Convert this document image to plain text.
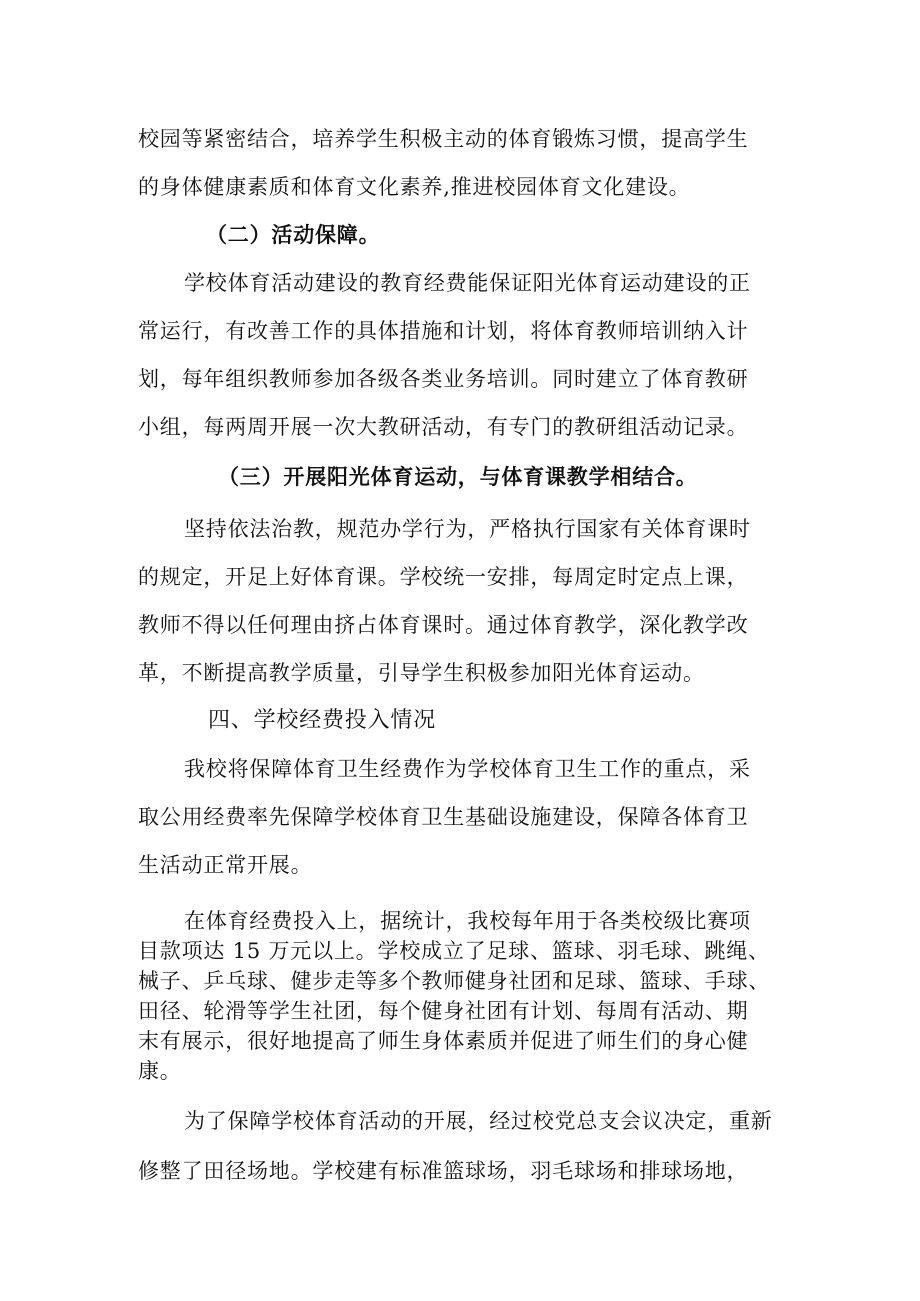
校园等紧密结合，培养学生积极主动的体育锻炼习惯，提高学生
的身体健康素质和体育文化素养,推进校园体育文化建设。
（二）活动保障。
学校体育活动建设的教育经费能保证阳光体育运动建设的正
常运行，有改善工作的具体措施和计划，将体育教师培训纳入计
划，每年组织教师参加各级各类业务培训。同时建立了体育教研
小组，每两周开展一次大教研活动，有专门的教研组活动记录。
（三）开展阳光体育运动，与体育课教学相结合。
坚持依法治教，规范办学行为，严格执行国家有关体育课时
的规定，开足上好体育课。学校统一安排，每周定时定点上课，
教师不得以任何理由挤占体育课时。通过体育教学，深化教学改
革，不断提高教学质量，引导学生积极参加阳光体育运动。
四、学校经费投入情况
我校将保障体育卫生经费作为学校体育卫生工作的重点，采
取公用经费率先保障学校体育卫生基础设施建设，保障各体育卫
生活动正常开展。
在体育经费投入上，据统计，我校每年用于各类校级比赛项
目款项达 15 万元以上。学校成立了足球、篮球、羽毛球、跳绳、
械子、乒乓球、健步走等多个教师健身社团和足球、篮球、手球、
田径、轮滑等学生社团，每个健身社团有计划、每周有活动、期
末有展示，很好地提高了师生身体素质并促进了师生们的身心健
康。
为了保障学校体育活动的开展，经过校党总支会议决定，重新
修整了田径场地。学校建有标准篮球场，羽毛球场和排球场地，
